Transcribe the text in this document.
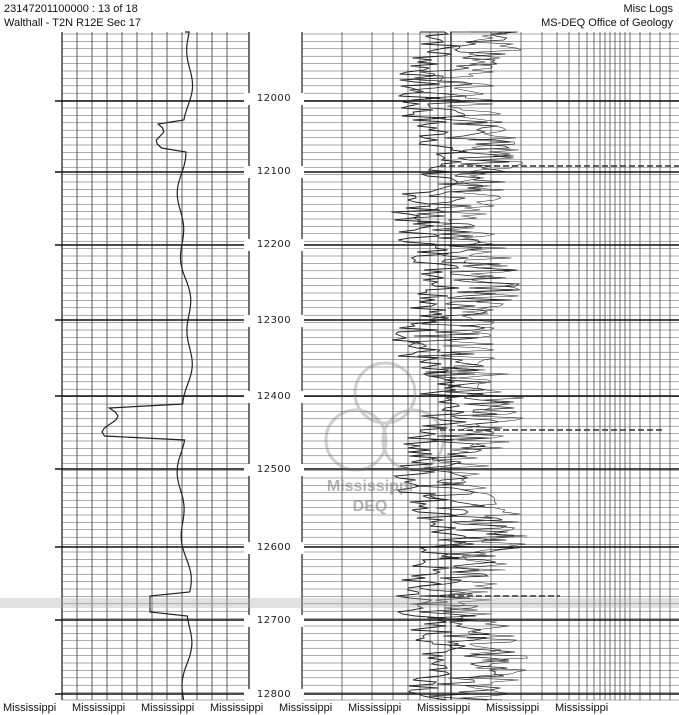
23147201100000 : 13 of 18
Walthall - T2N R12E Sec 17
Misc Logs
MS-DEQ Office of Geology
12000
12100
12200
12300
12400
12500
12600
12700
12800
Mississippi
DEQ
Mississippi Mississippi Mississippi Mississippi Mississippi Mississippi Mississippi Mississippi Mississippi
